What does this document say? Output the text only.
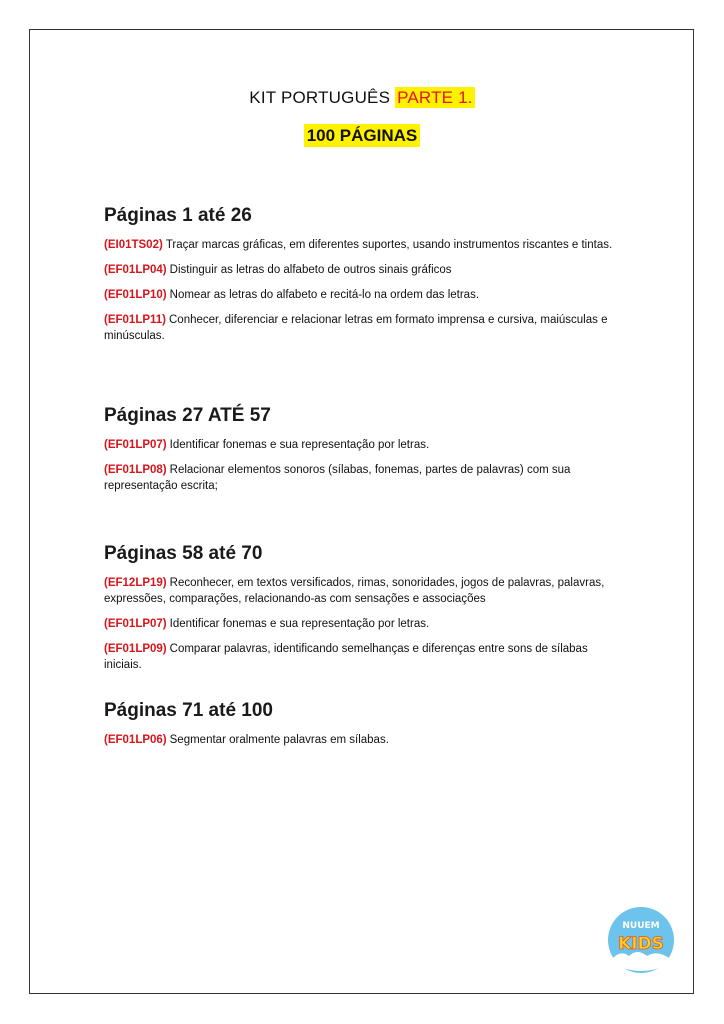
KIT PORTUGUÊS PARTE 1.
100 PÁGINAS
Páginas 1 até 26

(EI01TS02) Traçar marcas gráficas, em diferentes suportes, usando instrumentos riscantes e tintas.

(EF01LP04) Distinguir as letras do alfabeto de outros sinais gráficos

(EF01LP10) Nomear as letras do alfabeto e recitá-lo na ordem das letras.

(EF01LP11) Conhecer, diferenciar e relacionar letras em formato imprensa e cursiva, maiúsculas e minúsculas.

Páginas 27 ATÉ 57

(EF01LP07) Identificar fonemas e sua representação por letras.

(EF01LP08) Relacionar elementos sonoros (sílabas, fonemas, partes de palavras) com sua representação escrita;

Páginas 58 até 70

(EF12LP19) Reconhecer, em textos versificados, rimas, sonoridades, jogos de palavras, palavras, expressões, comparações, relacionando-as com sensações e associações

(EF01LP07) Identificar fonemas e sua representação por letras.

(EF01LP09) Comparar palavras, identificando semelhanças e diferenças entre sons de sílabas iniciais.

Páginas 71 até 100

(EF01LP06) Segmentar oralmente palavras em sílabas.

NUUEM
KIDS
